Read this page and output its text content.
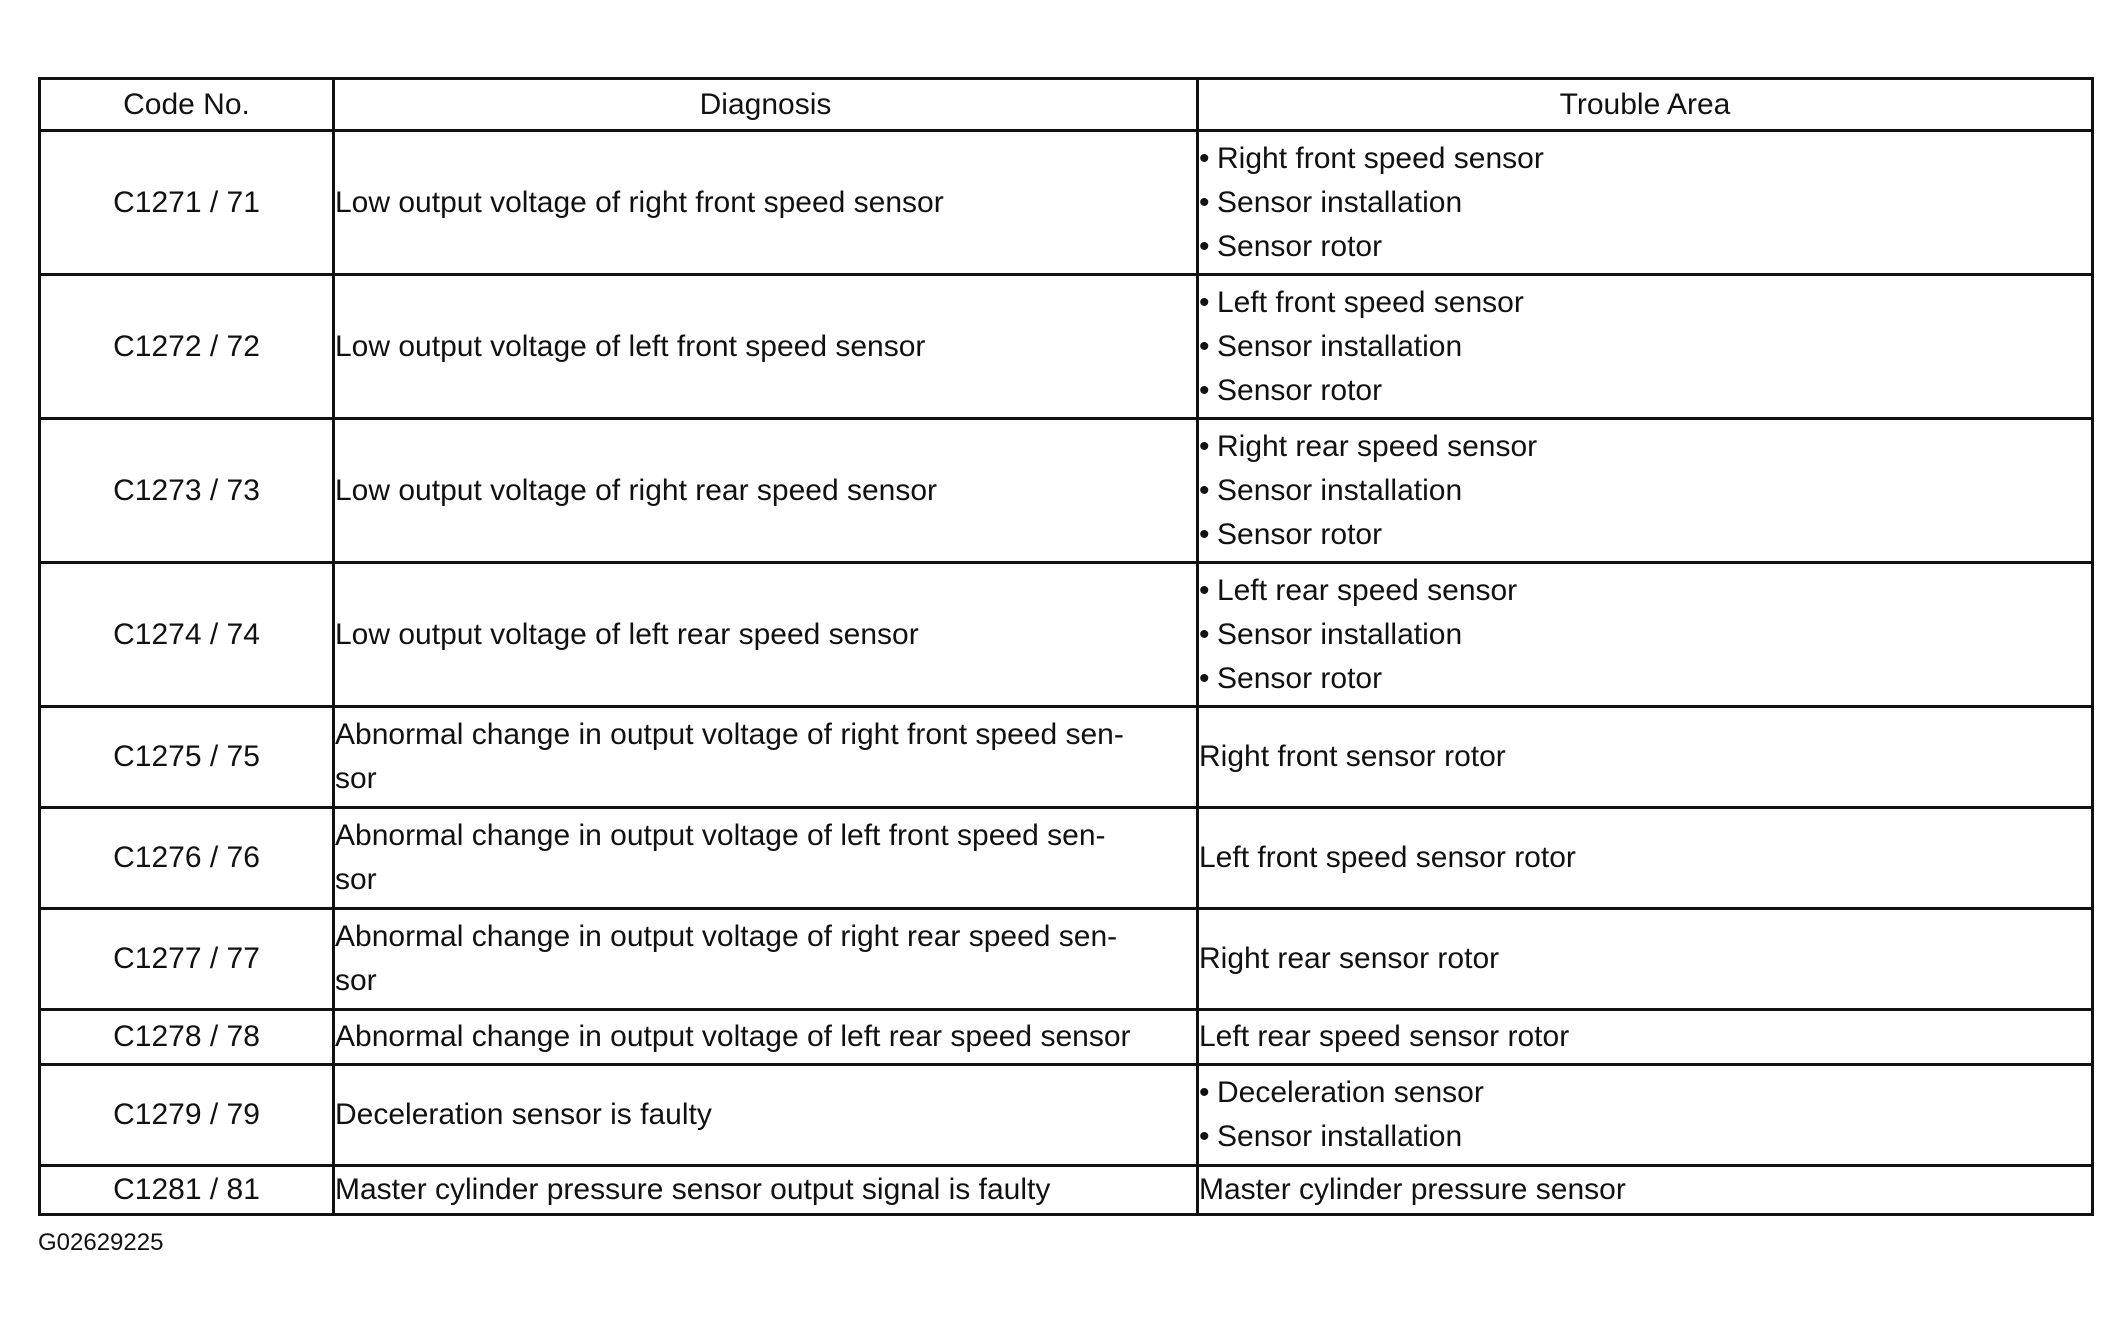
Code No.	Diagnosis	Trouble Area
C1271 / 71	Low output voltage of right front speed sensor	• Right front speed sensor
• Sensor installation
• Sensor rotor

C1272 / 72	Low output voltage of left front speed sensor	• Left front speed sensor
• Sensor installation
• Sensor rotor

C1273 / 73	Low output voltage of right rear speed sensor	• Right rear speed sensor
• Sensor installation
• Sensor rotor

C1274 / 74	Low output voltage of left rear speed sensor	• Left rear speed sensor
• Sensor installation
• Sensor rotor

C1275 / 75	Abnormal change in output voltage of right front speed sen-
sor	Right front sensor rotor
C1276 / 76	Abnormal change in output voltage of left front speed sen-
sor	Left front speed sensor rotor
C1277 / 77	Abnormal change in output voltage of right rear speed sen-
sor	Right rear sensor rotor
C1278 / 78	Abnormal change in output voltage of left rear speed sensor	Left rear speed sensor rotor
C1279 / 79	Deceleration sensor is faulty	• Deceleration sensor
• Sensor installation

C1281 / 81	Master cylinder pressure sensor output signal is faulty	Master cylinder pressure sensor
G02629225
